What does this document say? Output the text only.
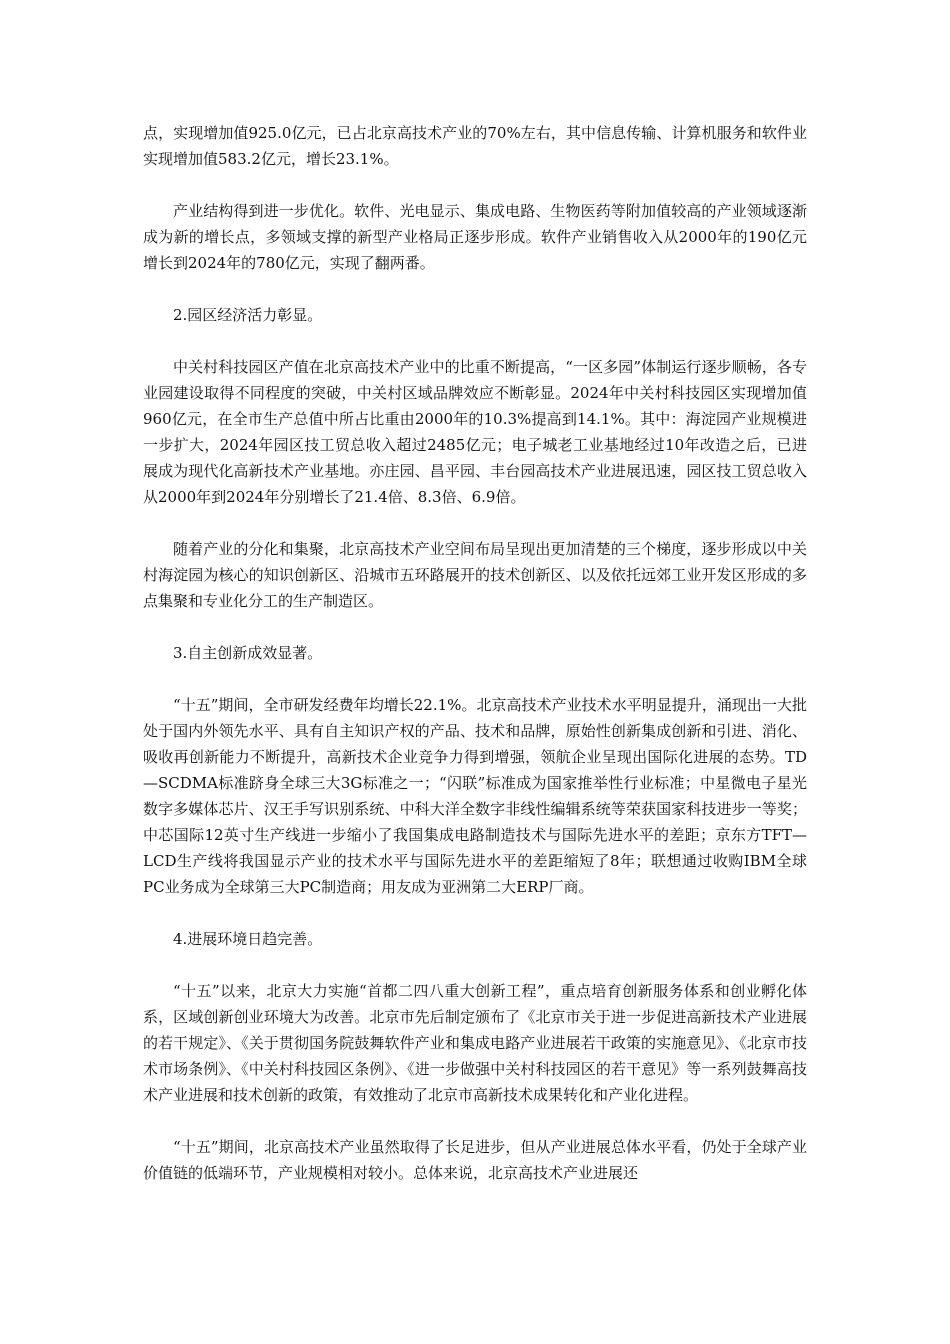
点，实现增加值925.0亿元，已占北京高技术产业的70%左右，其中信息传输、计算机服务和软件业实现增加值583.2亿元，增长23.1%。

产业结构得到进一步优化。软件、光电显示、集成电路、生物医药等附加值较高的产业领域逐渐成为新的增长点，多领域支撑的新型产业格局正逐步形成。软件产业销售收入从2000年的190亿元增长到2024年的780亿元，实现了翻两番。

2.园区经济活力彰显。

中关村科技园区产值在北京高技术产业中的比重不断提高，“一区多园”体制运行逐步顺畅，各专业园建设取得不同程度的突破，中关村区域品牌效应不断彰显。2024年中关村科技园区实现增加值960亿元，在全市生产总值中所占比重由2000年的10.3%提高到14.1%。其中：海淀园产业规模进一步扩大，2024年园区技工贸总收入超过2485亿元；电子城老工业基地经过10年改造之后，已进展成为现代化高新技术产业基地。亦庄园、昌平园、丰台园高技术产业进展迅速，园区技工贸总收入从2000年到2024年分别增长了21.4倍、8.3倍、6.9倍。

随着产业的分化和集聚，北京高技术产业空间布局呈现出更加清楚的三个梯度，逐步形成以中关村海淀园为核心的知识创新区、沿城市五环路展开的技术创新区、以及依托远郊工业开发区形成的多点集聚和专业化分工的生产制造区。

3.自主创新成效显著。

“十五”期间，全市研发经费年均增长22.1%。北京高技术产业技术水平明显提升，涌现出一大批处于国内外领先水平、具有自主知识产权的产品、技术和品牌，原始性创新集成创新和引进、消化、吸收再创新能力不断提升，高新技术企业竞争力得到增强，领航企业呈现出国际化进展的态势。TD—SCDMA标准跻身全球三大3G标准之一；“闪联”标准成为国家推举性行业标准；中星微电子星光数字多媒体芯片、汉王手写识别系统、中科大洋全数字非线性编辑系统等荣获国家科技进步一等奖；中芯国际12英寸生产线进一步缩小了我国集成电路制造技术与国际先进水平的差距；京东方TFT—LCD生产线将我国显示产业的技术水平与国际先进水平的差距缩短了8年；联想通过收购IBM全球PC业务成为全球第三大PC制造商；用友成为亚洲第二大ERP厂商。

4.进展环境日趋完善。

“十五”以来，北京大力实施“首都二四八重大创新工程”，重点培育创新服务体系和创业孵化体系，区域创新创业环境大为改善。北京市先后制定颁布了《北京市关于进一步促进高新技术产业进展的若干规定》、《关于贯彻国务院鼓舞软件产业和集成电路产业进展若干政策的实施意见》、《北京市技术市场条例》、《中关村科技园区条例》、《进一步做强中关村科技园区的若干意见》等一系列鼓舞高技术产业进展和技术创新的政策，有效推动了北京市高新技术成果转化和产业化进程。

“十五”期间，北京高技术产业虽然取得了长足进步，但从产业进展总体水平看，仍处于全球产业价值链的低端环节，产业规模相对较小。总体来说，北京高技术产业进展还
